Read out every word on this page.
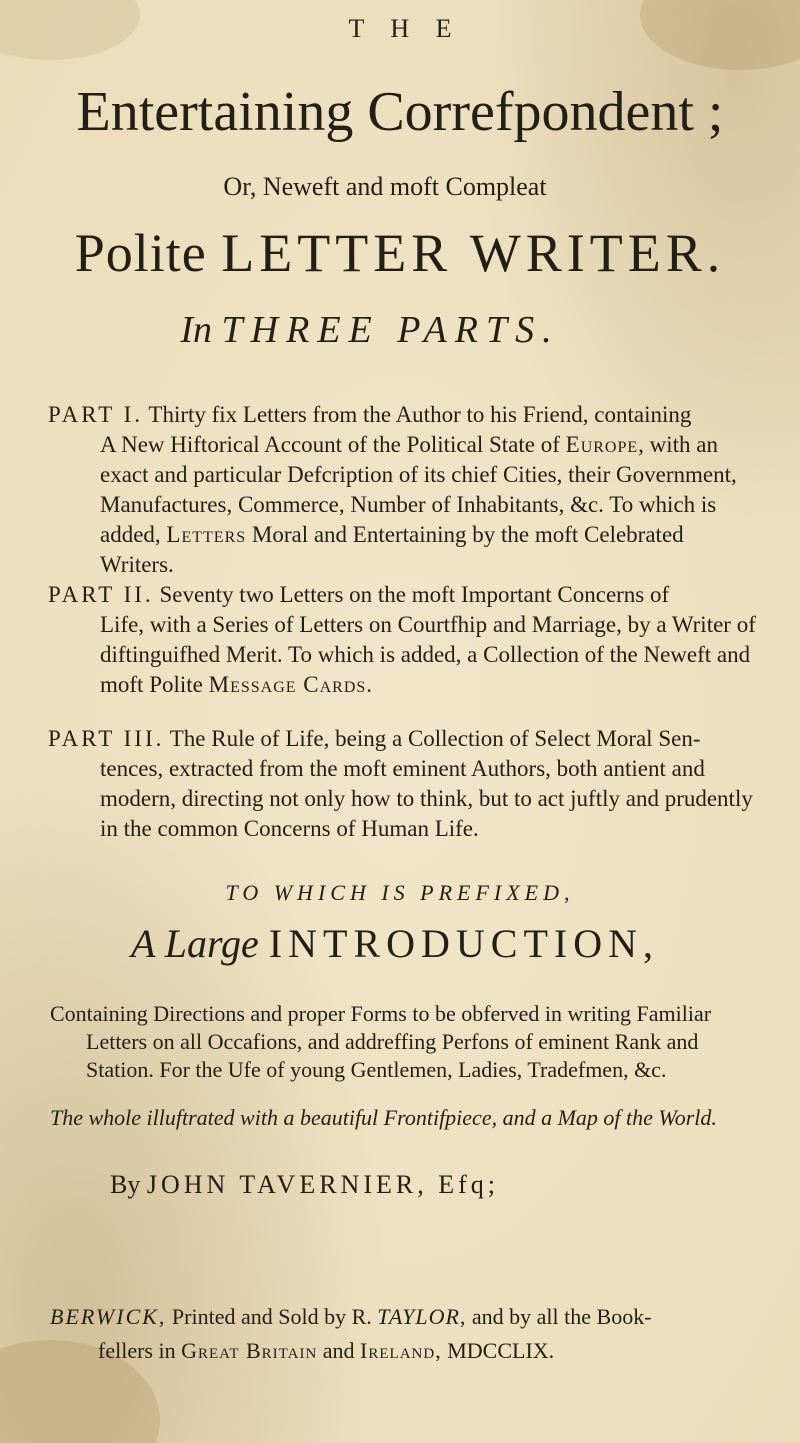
T H E
Entertaining Correfpondent ;
Or, Neweft and moft Compleat
Polite LETTER WRITER.
In THREE PARTS.
PART I. Thirty fix Letters from the Author to his Friend, containing
A New Hiftorical Account of the Political State of Europe, with an exact and particular Defcription of its chief Cities, their Government, Manufactures, Commerce, Number of Inhabitants, &c. To which is added, Letters Moral and Entertaining by the moft Celebrated Writers.
PART II. Seventy two Letters on the moft Important Concerns of
Life, with a Series of Letters on Courtfhip and Marriage, by a Writer of diftinguifhed Merit. To which is added, a Collection of the Neweft and moft Polite Message Cards.
PART III. The Rule of Life, being a Collection of Select Moral Sen-
tences, extracted from the moft eminent Authors, both antient and modern, directing not only how to think, but to act juftly and prudently in the common Concerns of Human Life.
TO WHICH IS PREFIXED,
A Large INTRODUCTION,
Containing Directions and proper Forms to be obferved in writing Familiar
Letters on all Occafions, and addreffing Perfons of eminent Rank and Station. For the Ufe of young Gentlemen, Ladies, Tradefmen, &c.
The whole illuftrated with a beautiful Frontifpiece, and a Map of the World.
By JOHN TAVERNIER, Efq;
BERWICK, Printed and Sold by R. TAYLOR, and by all the Book-
fellers in Great Britain and Ireland, MDCCLIX.
